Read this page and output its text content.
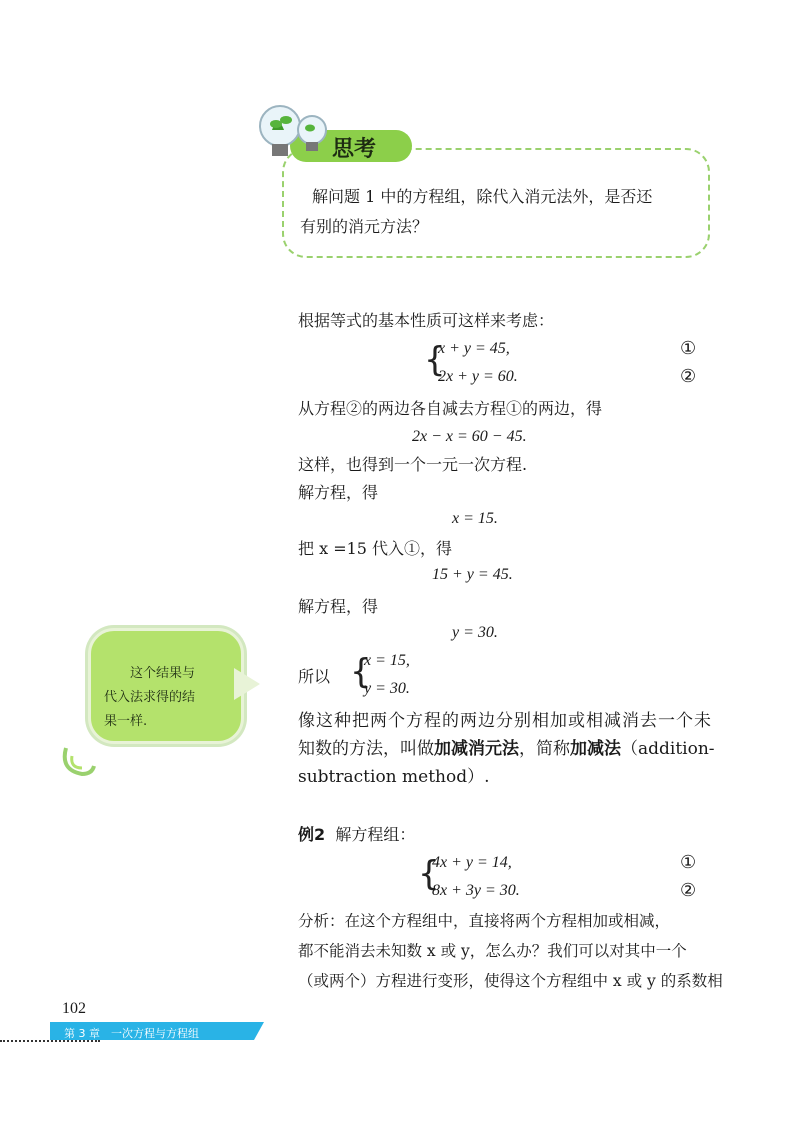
思考
解问题 1 中的方程组，除代入消元法外，是否还
有别的消元方法？
根据等式的基本性质可这样来考虑：
{
x + y = 45,
2x + y = 60.
①
②
从方程②的两边各自减去方程①的两边，得
2x − x = 60 − 45.
这样，也得到一个一元一次方程.
解方程，得
x = 15.
把 x =15 代入①，得
15 + y = 45.
解方程，得
y = 30.
所以 {
x = 15,
y = 30.
像这种把两个方程的两边分别相加或相减消去一个未
知数的方法，叫做加减消元法，简称加减法（addition-
subtraction method）.
例2 解方程组：
{
4x + y = 14,
8x + 3y = 30.
①
②
分析：在这个方程组中，直接将两个方程相加或相减，
都不能消去未知数 x 或 y，怎么办？我们可以对其中一个
（或两个）方程进行变形，使得这个方程组中 x 或 y 的系数相
这个结果与
代入法求得的结
果一样.
102
第 3 章　一次方程与方程组
